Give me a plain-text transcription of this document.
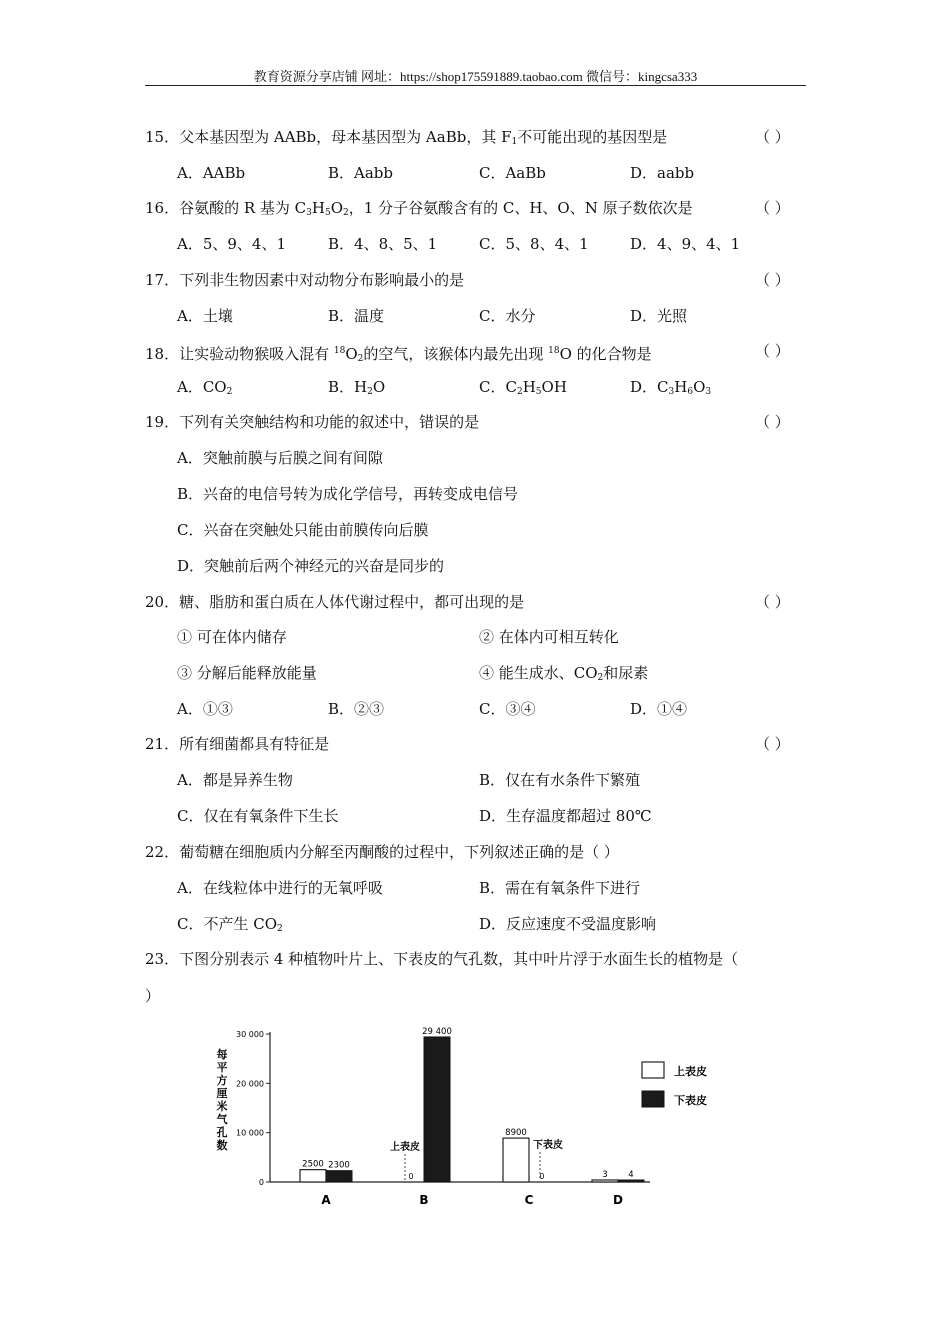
教育资源分享店铺 网址：https://shop175591889.taobao.com 微信号：kingcsa333
15．父本基因型为 AABb，母本基因型为 AaBb，其 $F_1$不可能出现的基因型是	（ ）
A．AABb	B．Aabb	C．AaBb	D．aabb
16．谷氨酸的 R 基为 $C_3H_5O_2$，1 分子谷氨酸含有的 C、H、O、N 原子数依次是	（ ）
A．5、9、4、1	B．4、8、5、1	C．5、8、4、1	D．4、9、4、1
17．下列非生物因素中对动物分布影响最小的是	（ ）
A．土壤	B．温度	C．水分	D．光照
18．让实验动物猴吸入混有 $^{18}O_2$的空气，该猴体内最先出现 $^{18}$O 的化合物是	（ ）
A．$CO_2$	B．$H_2O$	C．$C_2H_5OH$	D．$C_3H_6O_3$
19．下列有关突触结构和功能的叙述中，错误的是	（ ）
A．突触前膜与后膜之间有间隙
B．兴奋的电信号转为成化学信号，再转变成电信号
C．兴奋在突触处只能由前膜传向后膜
D．突触前后两个神经元的兴奋是同步的
20．糖、脂肪和蛋白质在人体代谢过程中，都可出现的是	（ ）
① 可在体内储存	② 在体内可相互转化
③ 分解后能释放能量	④ 能生成水、$CO_2$和尿素
A．①③	B．②③	C．③④	D．①④
21．所有细菌都具有特征是	（ ）
A．都是异养生物	B．仅在有水条件下繁殖
C．仅在有氧条件下生长	D．生存温度都超过 80℃
22．葡萄糖在细胞质内分解至丙酮酸的过程中，下列叙述正确的是（ ）
A．在线粒体中进行的无氧呼吸	B．需在有氧条件下进行
C．不产生 $CO_2$	D．反应速度不受温度影响
23．下图分别表示 4 种植物叶片上、下表皮的气孔数，其中叶片浮于水面生长的植物是（
）
每平方厘米气孔数
0
10 000
20 000
30 000
2500 2300
A
0
29 400
B
8900
0
C
3 4
D
上表皮	下表皮
上表皮
下表皮
